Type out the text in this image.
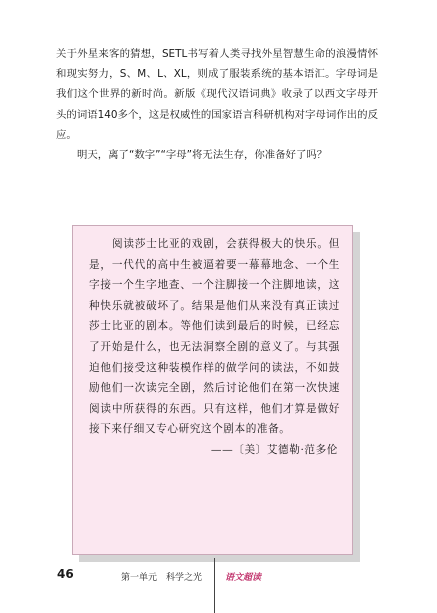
关于外星来客的猜想，SETL书写着人类寻找外星智慧生命的浪漫情怀和现实努力，S、M、L、XL，则成了服装系统的基本语汇。字母词是我们这个世界的新时尚。新版《现代汉语词典》收录了以西文字母开头的词语140多个，这是权威性的国家语言科研机构对字母词作出的反应。

明天，离了“数字”“字母”将无法生存，你准备好了吗？

阅读莎士比亚的戏剧，会获得极大的快乐。但是，一代代的高中生被逼着要一幕幕地念、一个生字接一个生字地查、一个注脚接一个注脚地读，这种快乐就被破坏了。结果是他们从来没有真正读过莎士比亚的剧本。等他们读到最后的时候，已经忘了开始是什么，也无法洞察全剧的意义了。与其强迫他们接受这种装模作样的做学问的读法，不如鼓励他们一次读完全剧，然后讨论他们在第一次快速阅读中所获得的东西。只有这样，他们才算是做好接下来仔细又专心研究这个剧本的准备。

——〔美〕艾德勒·范多伦

46	第一单元 科学之光	语文超读
